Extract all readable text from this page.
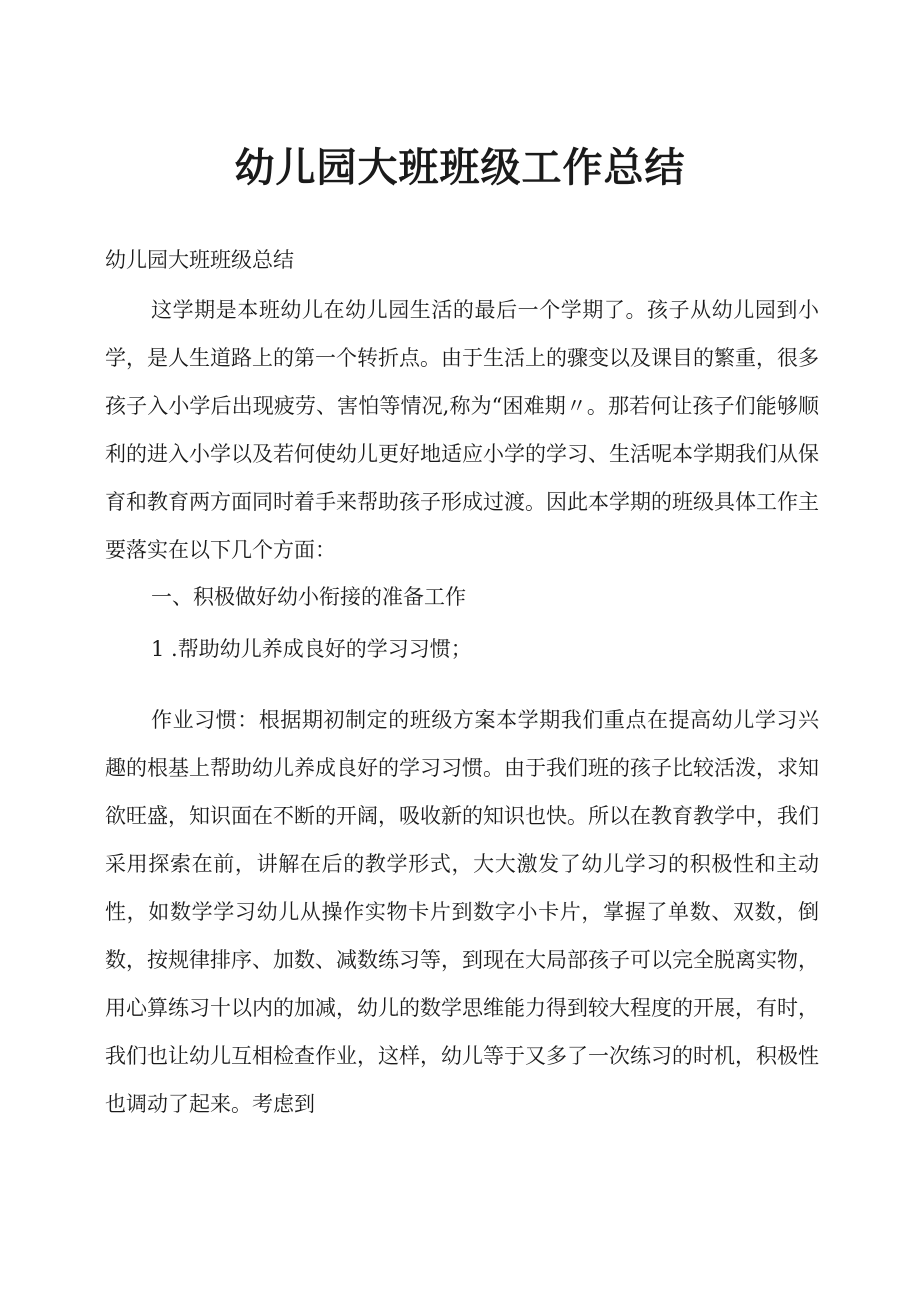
幼儿园大班班级工作总结

幼儿园大班班级总结

这学期是本班幼儿在幼儿园生活的最后一个学期了。孩子从幼儿园到小学，是人生道路上的第一个转折点。由于生活上的骤变以及课目的繁重，很多孩子入小学后出现疲劳、害怕等情况,称为“困难期〃。那若何让孩子们能够顺利的进入小学以及若何使幼儿更好地适应小学的学习、生活呢本学期我们从保育和教育两方面同时着手来帮助孩子形成过渡。因此本学期的班级具体工作主要落实在以下几个方面：

一、积极做好幼小衔接的准备工作

1 .帮助幼儿养成良好的学习习惯；

作业习惯：根据期初制定的班级方案本学期我们重点在提高幼儿学习兴趣的根基上帮助幼儿养成良好的学习习惯。由于我们班的孩子比较活泼，求知欲旺盛，知识面在不断的开阔，吸收新的知识也快。所以在教育教学中，我们采用探索在前，讲解在后的教学形式，大大激发了幼儿学习的积极性和主动性，如数学学习幼儿从操作实物卡片到数字小卡片，掌握了单数、双数，倒数，按规律排序、加数、减数练习等，到现在大局部孩子可以完全脱离实物，用心算练习十以内的加减，幼儿的数学思维能力得到较大程度的开展，有时，我们也让幼儿互相检查作业，这样，幼儿等于又多了一次练习的时机，积极性也调动了起来。考虑到
